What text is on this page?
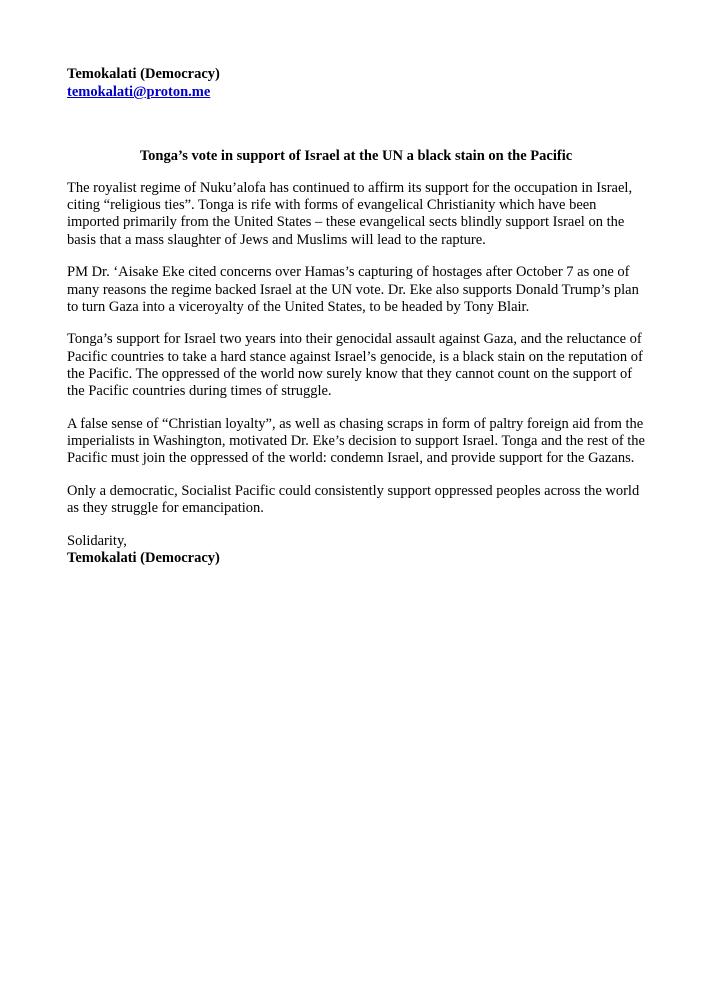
Temokalati (Democracy)

temokalati@proton.me
Tonga’s vote in support of Israel at the UN a black stain on the Pacific

The royalist regime of Nuku’alofa has continued to affirm its support for the occupation in Israel, citing “religious ties”. Tonga is rife with forms of evangelical Christianity which have been imported primarily from the United States – these evangelical sects blindly support Israel on the basis that a mass slaughter of Jews and Muslims will lead to the rapture.

PM Dr. ‘Aisake Eke cited concerns over Hamas’s capturing of hostages after October 7 as one of many reasons the regime backed Israel at the UN vote. Dr. Eke also supports Donald Trump’s plan to turn Gaza into a viceroyalty of the United States, to be headed by Tony Blair.

Tonga’s support for Israel two years into their genocidal assault against Gaza, and the reluctance of Pacific countries to take a hard stance against Israel’s genocide, is a black stain on the reputation of the Pacific. The oppressed of the world now surely know that they cannot count on the support of the Pacific countries during times of struggle.

A false sense of “Christian loyalty”, as well as chasing scraps in form of paltry foreign aid from the imperialists in Washington, motivated Dr. Eke’s decision to support Israel. Tonga and the rest of the Pacific must join the oppressed of the world: condemn Israel, and provide support for the Gazans.

Only a democratic, Socialist Pacific could consistently support oppressed peoples across the world as they struggle for emancipation.

Solidarity,

Temokalati (Democracy)
